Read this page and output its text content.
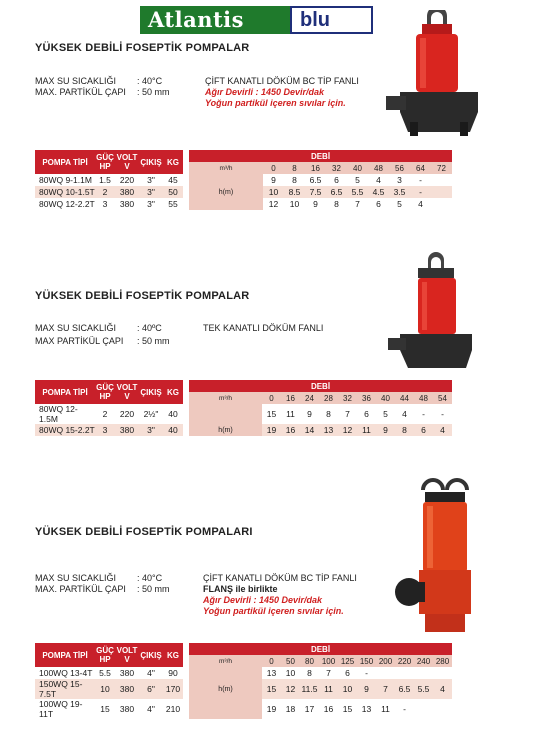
Atlantis	blu
YÜKSEK DEBİLİ FOSEPTİK POMPALAR
MAX SU SICAKLIĞI : 40°C
MAX. PARTİKÜL ÇAPI : 50 mm
ÇİFT KANATLI DÖKÜM BC TİP FANLI
Ağır Devirli : 1450 Devir/dak
Yoğun partikül içeren sıvılar için.
POMPA TİPİ	GÜÇ HP	VOLT V	ÇIKIŞ	KG		DEBİ									
						m³/h	0	8	16	32	40	48	56	64	72
80WQ 9-1.1M	1.5	220	3"	45			9	8	6.5	6	5	4	3	-	
80WQ 10-1.5T	2	380	3"	50		h(m)	10	8.5	7.5	6.5	5.5	4.5	3.5	-	
80WQ 12-2.2T	3	380	3"	55			12	10	9	8	7	6	5	4	
YÜKSEK DEBİLİ FOSEPTİK POMPALAR
MAX SU SICAKLIĞI : 40ºC
MAX PARTİKÜL ÇAPI : 50 mm
TEK KANATLI DÖKÜM FANLI
POMPA TİPİ	GÜÇ HP	VOLT V	ÇIKIŞ	KG		DEBİ										
						m³/h	0	16	24	28	32	36	40	44	48	54
80WQ 12-1.5M	2	220	2½"	40			15	11	9	8	7	6	5	4	-	-
80WQ 15-2.2T	3	380	3"	40		h(m)	19	16	14	13	12	11	9	8	6	4
YÜKSEK DEBİLİ FOSEPTİK POMPALARI
MAX SU SICAKLIĞI : 40°C
MAX. PARTİKÜL ÇAPI : 50 mm
ÇİFT KANATLI DÖKÜM BC TİP FANLI
FLANŞ ile birlikte
Ağır Devirli : 1450 Devir/dak
Yoğun partikül içeren sıvılar için.
POMPA TİPİ	GÜÇ HP	VOLT V	ÇIKIŞ	KG		DEBİ										
						m³/h	0	50	80	100	125	150	200	220	240	280
100WQ 13-4T	5.5	380	4"	90			13	10	8	7	6	-				
150WQ 15-7.5T	10	380	6"	170		h(m)	15	12	11.5	11	10	9	7	6.5	5.5	4
100WQ 19-11T	15	380	4"	210			19	18	17	16	15	13	11	-		
